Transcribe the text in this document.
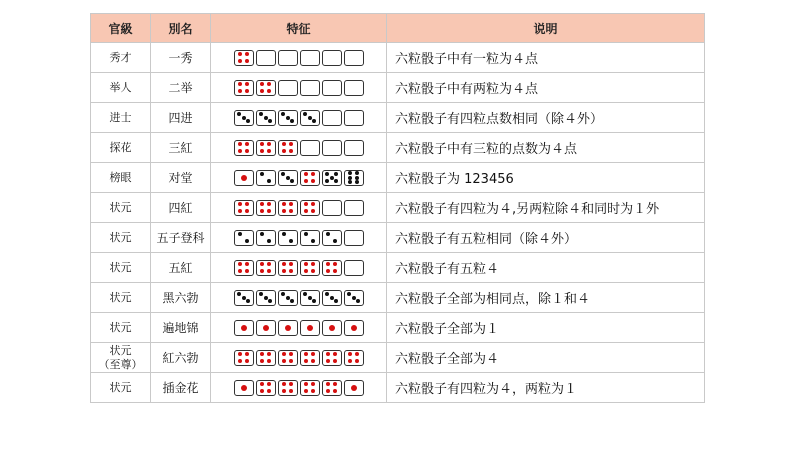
官級	別名	特征	说明
秀才	一秀		六粒骰子中有一粒为４点
举人	二举		六粒骰子中有两粒为４点
进士	四进		六粒骰子有四粒点数相同（除４外）
探花	三紅		六粒骰子中有三粒的点数为４点
榜眼	对堂		六粒骰子为 123456
状元	四紅		六粒骰子有四粒为４,另两粒除４和同时为１外
状元	五子登科		六粒骰子有五粒相同（除４外）
状元	五紅		六粒骰子有五粒４
状元	黑六勃		六粒骰子全部为相同点，除１和４
状元	遍地锦		六粒骰子全部为１
状元
（至尊）	紅六勃		六粒骰子全部为４
状元	插金花		六粒骰子有四粒为４，两粒为１
